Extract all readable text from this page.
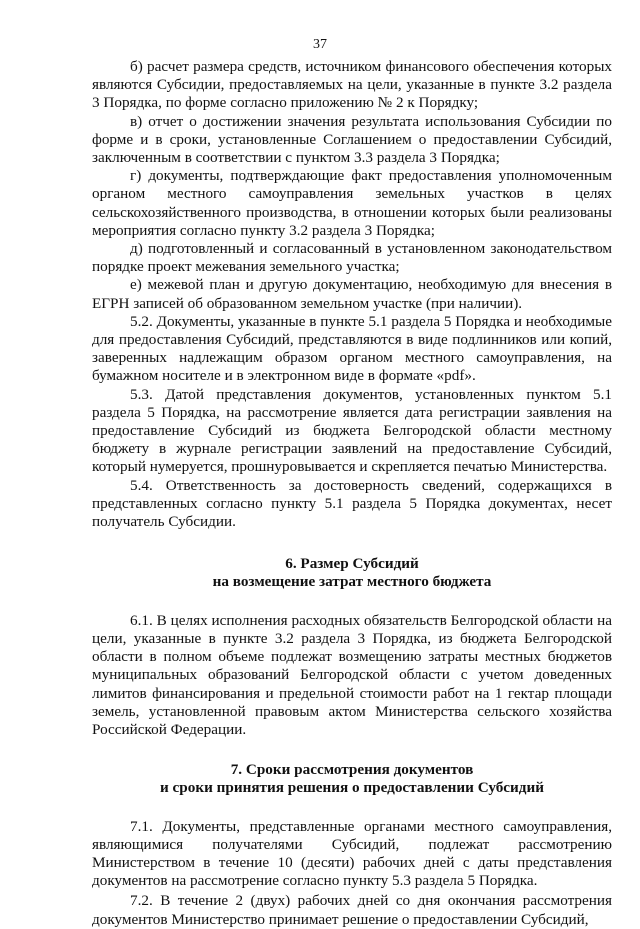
37

б) расчет размера средств, источником финансового обеспечения которых являются Субсидии, предоставляемых на цели, указанные в пункте 3.2 раздела 3 Порядка, по форме согласно приложению № 2 к Порядку;

в) отчет о достижении значения результата использования Субсидии по форме и в сроки, установленные Соглашением о предоставлении Субсидий, заключенным в соответствии с пунктом 3.3 раздела 3 Порядка;

г) документы, подтверждающие факт предоставления уполномоченным органом местного самоуправления земельных участков в целях сельскохозяйственного производства, в отношении которых были реализованы мероприятия согласно пункту 3.2 раздела 3 Порядка;

д) подготовленный и согласованный в установленном законодательством порядке проект межевания земельного участка;

е) межевой план и другую документацию, необходимую для внесения в ЕГРН записей об образованном земельном участке (при наличии).

5.2. Документы, указанные в пункте 5.1 раздела 5 Порядка и необходимые для предоставления Субсидий, представляются в виде подлинников или копий, заверенных надлежащим образом органом местного самоуправления, на бумажном носителе и в электронном виде в формате «pdf».

5.3. Датой представления документов, установленных пунктом 5.1 раздела 5 Порядка, на рассмотрение является дата регистрации заявления на предоставление Субсидий из бюджета Белгородской области местному бюджету в журнале регистрации заявлений на предоставление Субсидий, который нумеруется, прошнуровывается и скрепляется печатью Министерства.

5.4. Ответственность за достоверность сведений, содержащихся в представленных согласно пункту 5.1 раздела 5 Порядка документах, несет получатель Субсидии.

6. Размер Субсидий
на возмещение затрат местного бюджета

6.1. В целях исполнения расходных обязательств Белгородской области на цели, указанные в пункте 3.2 раздела 3 Порядка, из бюджета Белгородской области в полном объеме подлежат возмещению затраты местных бюджетов муниципальных образований Белгородской области с учетом доведенных лимитов финансирования и предельной стоимости работ на 1 гектар площади земель, установленной правовым актом Министерства сельского хозяйства Российской Федерации.

7. Сроки рассмотрения документов
и сроки принятия решения о предоставлении Субсидий

7.1. Документы, представленные органами местного самоуправления, являющимися получателями Субсидий, подлежат рассмотрению Министерством в течение 10 (десяти) рабочих дней с даты представления документов на рассмотрение согласно пункту 5.3 раздела 5 Порядка.

7.2. В течение 2 (двух) рабочих дней со дня окончания рассмотрения документов Министерство принимает решение о предоставлении Субсидий,
